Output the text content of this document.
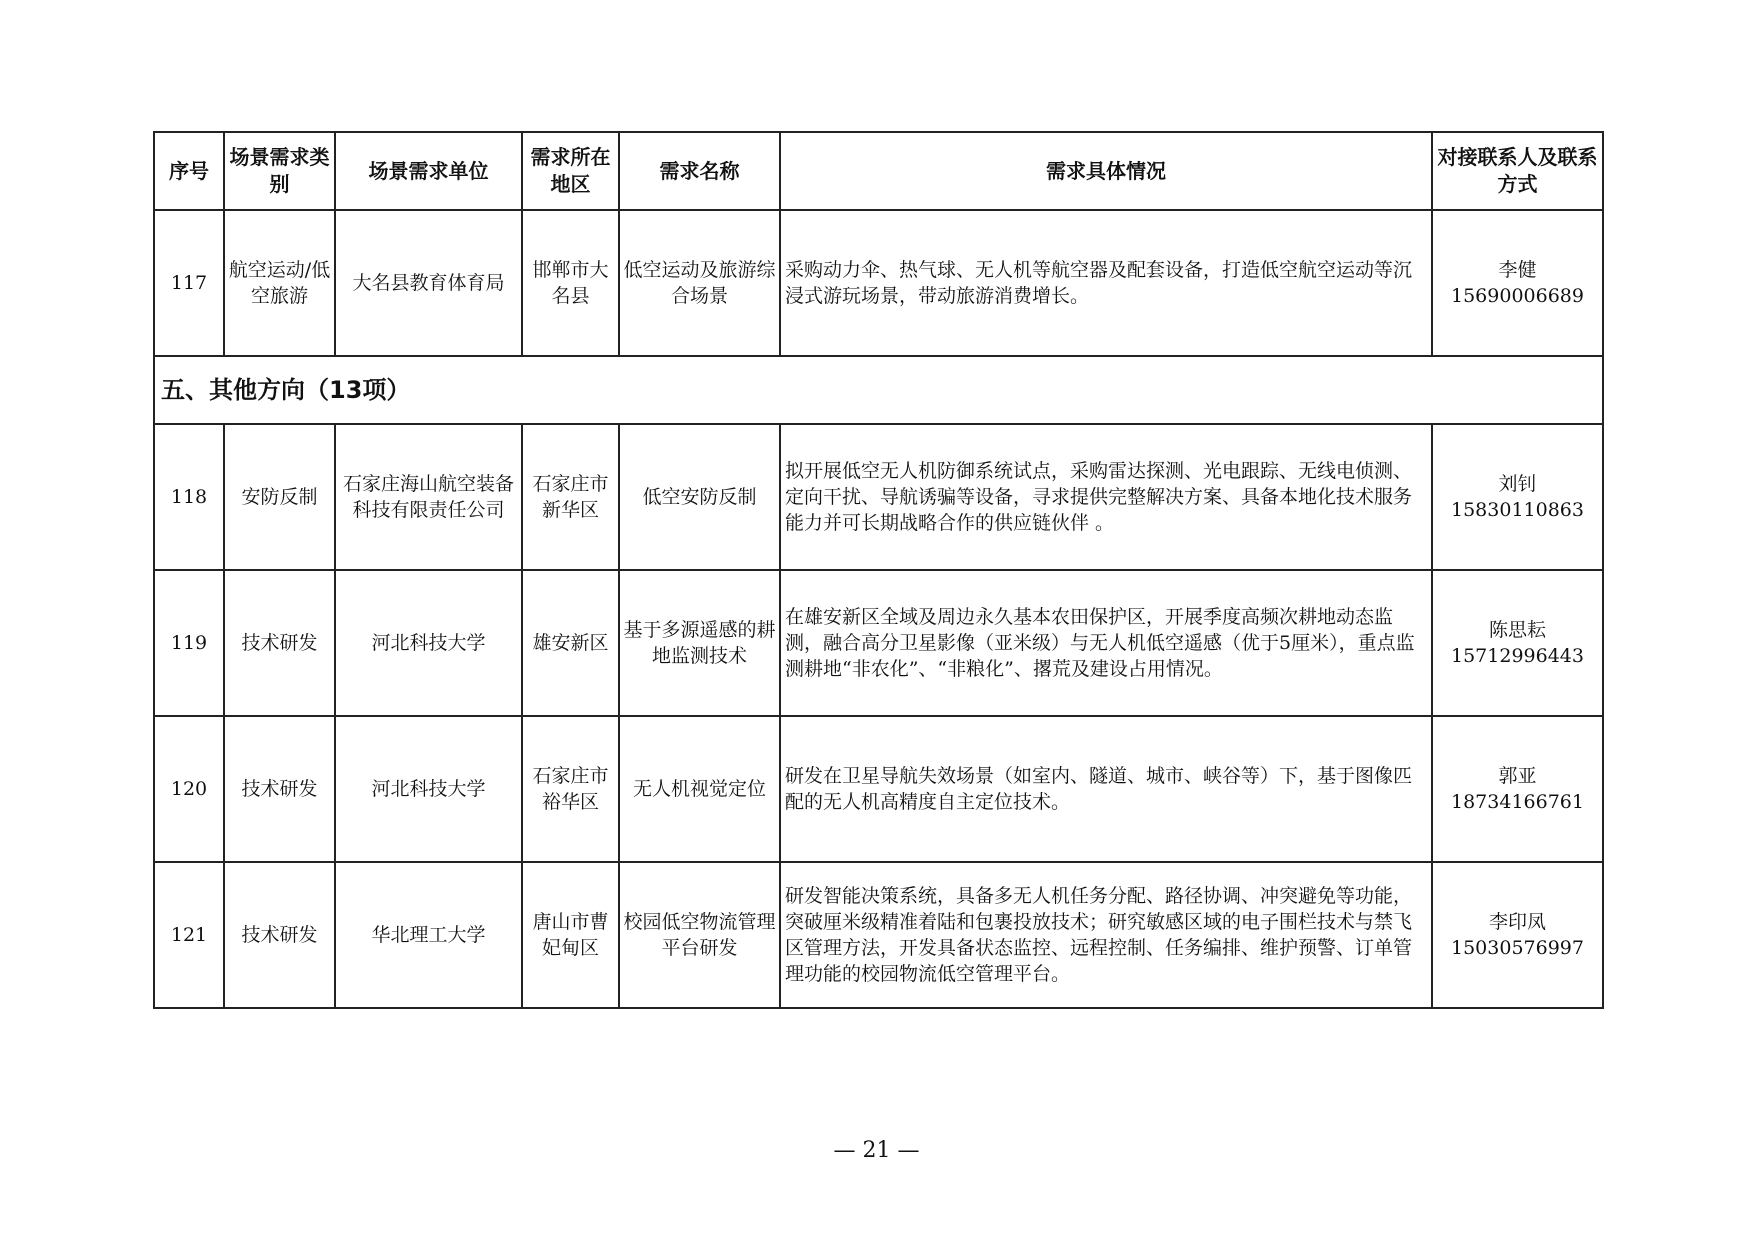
序号	场景需求类别	场景需求单位	需求所在地区	需求名称	需求具体情况	对接联系人及联系方式
117	航空运动/低空旅游	大名县教育体育局	邯郸市大名县	低空运动及旅游综合场景	采购动力伞、热气球、无人机等航空器及配套设备，打造低空航空运动等沉浸式游玩场景，带动旅游消费增长。	李健
15690006689

五、其他方向（13项）						
118	安防反制	石家庄海山航空装备科技有限责任公司	石家庄市新华区	低空安防反制	拟开展低空无人机防御系统试点，采购雷达探测、光电跟踪、无线电侦测、定向干扰、导航诱骗等设备，寻求提供完整解决方案、具备本地化技术服务能力并可长期战略合作的供应链伙伴 。	刘钊
15830110863

119	技术研发	河北科技大学	雄安新区	基于多源遥感的耕地监测技术	在雄安新区全域及周边永久基本农田保护区，开展季度高频次耕地动态监测，融合高分卫星影像（亚米级）与无人机低空遥感（优于5厘米），重点监测耕地“非农化”、“非粮化”、撂荒及建设占用情况。	陈思耘
15712996443

120	技术研发	河北科技大学	石家庄市裕华区	无人机视觉定位	研发在卫星导航失效场景（如室内、隧道、城市、峡谷等）下，基于图像匹配的无人机高精度自主定位技术。	郭亚
18734166761

121	技术研发	华北理工大学	唐山市曹妃甸区	校园低空物流管理平台研发	研发智能决策系统，具备多无人机任务分配、路径协调、冲突避免等功能，突破厘米级精准着陆和包裹投放技术；研究敏感区域的电子围栏技术与禁飞区管理方法，开发具备状态监控、远程控制、任务编排、维护预警、订单管理功能的校园物流低空管理平台。	李印凤
15030576997
— 21 —
